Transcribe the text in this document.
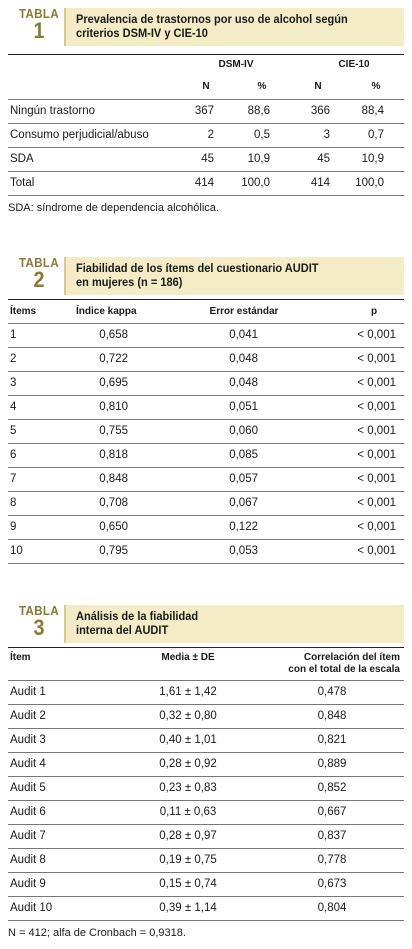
TABLA
1	Prevalencia de trastornos por uso de alcohol según
criterios DSM-IV y CIE-10
DSM-IV	CIE-10
N	%	N	%
Ningún trastorno	367	88,6	366	88,4
Consumo perjudicial/abuso	2	0,5	3	0,7
SDA	45	10,9	45	10,9
Total	414	100,0	414	100,0
SDA: síndrome de dependencia alcohólica.
TABLA
2	Fiabilidad de los ítems del cuestionario AUDIT
en mujeres (n = 186)
Ítems	Índice kappa	Error estándar	p
1	0,658	0,041	< 0,001
2	0,722	0,048	< 0,001
3	0,695	0,048	< 0,001
4	0,810	0,051	< 0,001
5	0,755	0,060	< 0,001
6	0,818	0,085	< 0,001
7	0,848	0,057	< 0,001
8	0,708	0,067	< 0,001
9	0,650	0,122	< 0,001
10	0,795	0,053	< 0,001
TABLA
3	Análisis de la fiabilidad
interna del AUDIT
Ítem	Media ± DE	Correlación del ítem
con el total de la escala
Audit 1	1,61 ± 1,42	0,478
Audit 2	0,32 ± 0,80	0,848
Audit 3	0,40 ± 1,01	0,821
Audit 4	0,28 ± 0,92	0,889
Audit 5	0,23 ± 0,83	0,852
Audit 6	0,11 ± 0,63	0,667
Audit 7	0,28 ± 0,97	0,837
Audit 8	0,19 ± 0,75	0,778
Audit 9	0,15 ± 0,74	0,673
Audit 10	0,39 ± 1,14	0,804
N = 412; alfa de Cronbach = 0,9318.
